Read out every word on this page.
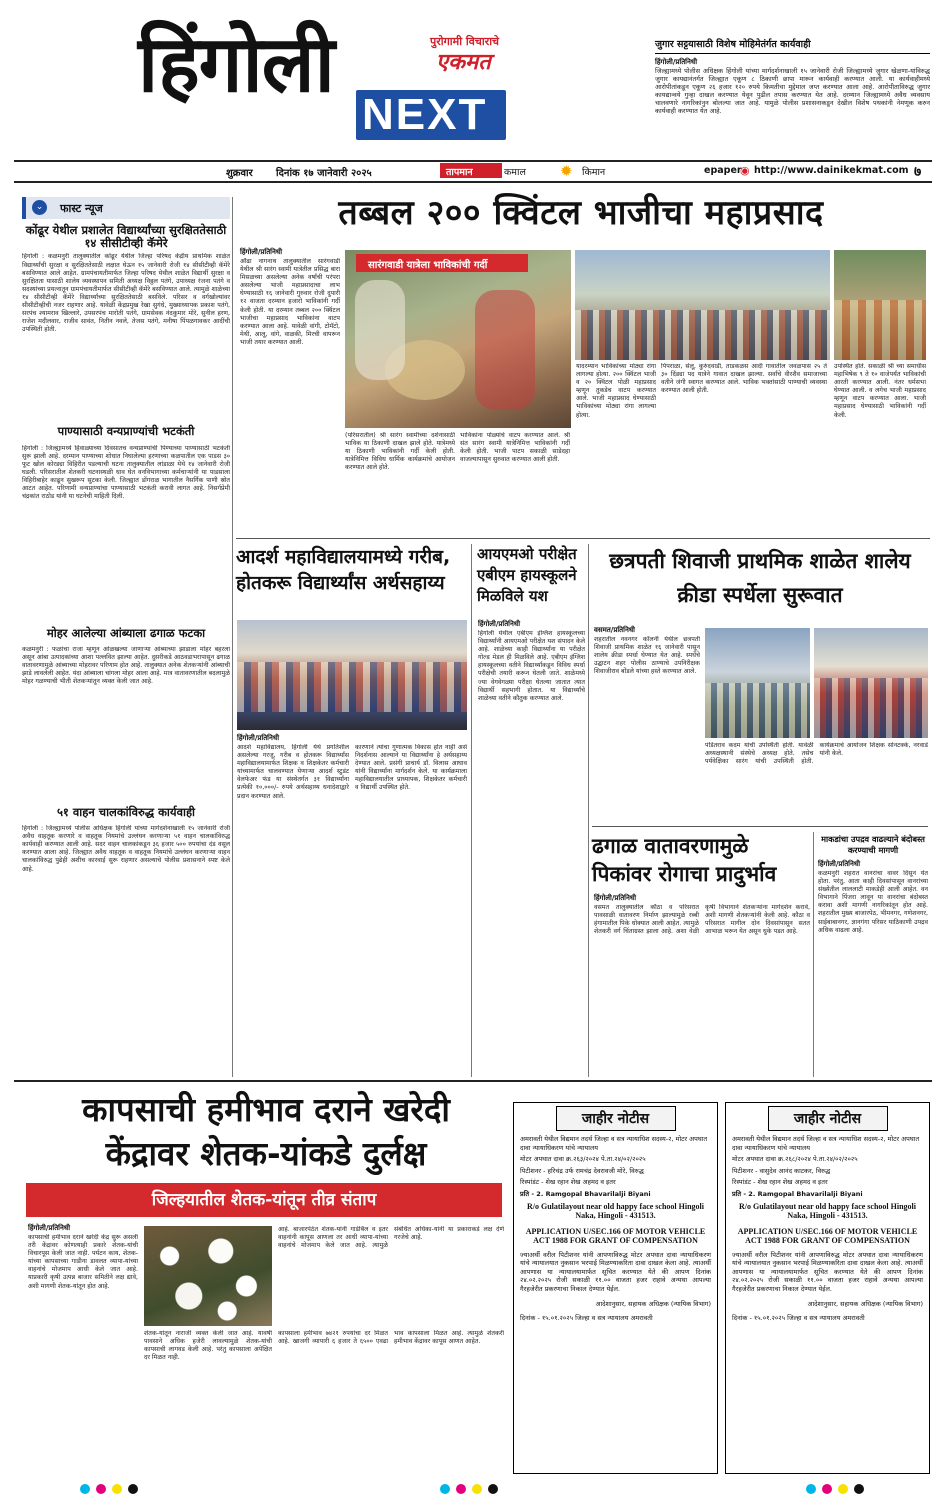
हिंगोली	पुरोगामी विचाराचे
एकमत
NEXT
जुगार सट्टयासाठी विशेष मोहिमेतंर्गत कार्यवाही
हिंगोली/प्रतिनिधी
जिल्ह्यामध्ये पोलीस अधिक्षक हिंगोली यांच्या मार्गदर्शनाखाली १५ जानेवारी रोजी जिल्ह्यामध्ये जुगार खेळणा-यांविरुद्ध जुगार कायद्यानंतर्गत जिल्ह्यात एकूण ८ ठिकाणी छापा मारून कार्यवाही करण्यात आली. या कार्यवाहीमध्ये आरोपीतांकडून एकूण २६ हजार १२० रुपये किमतीचा मुद्देमाल जप्त करण्यात आला आहे. आरोपीताविरुद्ध जुगार कायद्यान्वये गुन्हा दाखल करण्यात येवून पुढील तपास करण्यात येत आहे. दरम्यान जिल्ह्यामध्ये अवैध व्यवसाय चालवणारे नागरिकांनुन बोलल्या जात आहे. यामुळे पोलीस प्रशासनाकडून देखील विशेष पथकांनी नेमणूक करुन कार्यवाही करण्यात येत आहे.
शुक्रवार दिनांक १७ जानेवारी २०२५	तापमान	कमाल ✹ किमान	epaper
◉ http://www.dainikekmat.com ७
⌄	फास्ट न्यूज
कोंढूर येथील प्रशालेत विद्यार्थ्यांच्या सुरक्षिततेसाठी १४ सीसीटीव्ही कॅमेरे
हिंगोली : कळमनुरी तालुक्यातील कोंढूर येथील जिल्हा परिषद केंद्रीय प्राथमिक शाळेत विद्यार्थ्यांची सुरक्षा व सुरक्षिततेसाठी लक्षात घेऊन १५ जानेवारी रोजी १४ सीसीटीव्ही कॅमेरे बसविण्यात आले आहेत. ग्रामपंचायतीमार्फत जिल्हा परिषद येथील शाळेत विद्यार्थी सुरक्षा व सुरक्षितता यासाठी शालेय व्यवस्थापन समिती अध्यक्ष विठ्ठल पतंगे, उपाध्यक्ष रंजना पतंगे व सदस्यांच्या प्रयत्नातून ग्रामपंचायतीमार्फत सीसीटीव्ही कॅमेरे बसविण्यात आले. त्यामुळे शाळेच्या १४ सीसीटीव्ही कॅमेरे विद्यार्थ्यांच्या सुरक्षिततेसाठी बसविले. परिसर व वर्गखोल्यांवर सीसीटीव्हीची नजर राहणार आहे. यावेळी केंद्रप्रमुख रेखा सुगंधे, मुख्याध्यापक प्रकाश पतंगे, सरपंच श्यामराव खिल्लारे, उपसरपंच मारोती पतंगे, ग्रामसेवक नंदकुमार मोरे, सुनील हरण, राजेश मदीलवार, राजीव सावंत, नितीन नवले, तेजस पतंगे, मनीषा पिंपळगावकर आदींची उपस्थिती होती.
पाण्यासाठी वन्यप्राण्यांची भटकंती
हिंगोली : जिल्ह्यामध्ये हिवाळ्याच्या दिवसातच वन्यप्राण्यांची पिण्याच्या पाण्यासाठी भटकंती सुरू झाली आहे. दरम्यान पाण्याच्या शोधात निघालेल्या हरणाच्या कळपातील एक पाडस ३० फूट खोल कोरड्या विहिरीत पडल्याची घटना तालुक्यातील लांडाळा येथे १४ जानेवारी रोजी घडली. परिसरातील शेतकरी घटनास्थळी धाव घेत वनविभागाच्या कर्मचाऱ्यांनी या पाडसाला विहिरीबाहेर काढून सुखरूप सुटका केली. जिल्ह्यात डोंगराळ भागातील नैसर्गिक पाणी स्रोत आटत आहेत. परिणामी वन्यप्राण्यांचा पाण्यासाठी भटकंती करावी लागत आहे. निसर्गप्रेमी चंद्रकांत राठोड यांनी या घटनेची माहिती दिली.
मोहर आलेल्या आंब्याला ढगाळ फटका
कळमनुरी : फळांचा राजा म्हणून ओळखल्या जाणाऱ्या आंब्याच्या झाडाला मोहर बहरला असून आंबा उत्पादकांच्या आशा पल्लवित झाल्या आहेत. दुसरीकडे आठवडाभरापासून ढगाळ वातावरणामुळे आंब्याच्या मोहरावर परिणाम होत आहे. तालुक्यात अनेक शेतकऱ्यांनी आंब्याची झाडे लावलेली आहेत. यंदा आंब्याला चांगला मोहर आला आहे. मात्र वातावरणातील बदलामुळे मोहर गळण्याची भीती शेतकऱ्यांतून व्यक्त केली जात आहे.
५१ वाहन चालकांविरुद्ध कार्यवाही
हिंगोली : जिल्ह्यामध्ये पोलीस अधिक्षक हिंगोली यांच्या मार्गदर्शनाखाली १५ जानेवारी रोजी अवैध वाहतूक करणारे व वाहतूक नियमांचे उल्लंघन करणाऱ्या ५१ वाहन चालकांविरुद्ध कार्यवाही करण्यात आली आहे. सदर वाहन चालकांकडून ३६ हजार ५०० रुपयांचा दंड वसूल करण्यात आला आहे. जिल्ह्यात अवैध वाहतूक व वाहतूक नियमांचे उल्लंघन करणाऱ्या वाहन चालकांविरुद्ध पुढेही अशीच कारवाई सुरू राहणार असल्याचे पोलीस प्रशासनाने स्पष्ट केले आहे.
तब्बल २०० क्विंटल भाजीचा महाप्रसाद
हिंगोली/प्रतिनिधी
औंढा नागनाथ तालुक्यातील सारंगवाडी येथील श्री सारंग स्वामी यात्रेतील प्रसिद्ध बारा मिसळच्या असलेल्या अनेक वर्षांची परंपरा असलेल्या भाजी महाप्रसादाचा लाभ घेण्यासाठी १६ जानेवारी गुरुवार रोजी दुपारी १२ वाजता दरम्यान हजारो भाविकांनी गर्दी केली होती. या दरम्यान तब्बल २०० क्विंटल भाजीचा महाप्रसाद भाविकांना वाटप करण्यात आला आहे. यावेळी वांगी, टोमॅटो, मेथी, आलू, वांगे, वाळकी, मिरची वापरून भाजी तयार करण्यात आली.
सारंगवाडी यात्रेला भाविकांची गर्दी
(परिसरातील) श्री सारंग स्वामीच्या दर्शनासाठी भाविक या ठिकाणी दाखल झाले होते. यात्रेमध्ये या ठिकाणी भाविकांनी गर्दी केली होती. यात्रेनिमित्त विविध धार्मिक कार्यक्रमांचे आयोजन करण्यात आले होते.
भाविकांना पोळ्यांचे वाटप करण्यात आले. श्री संत सारंग स्वामी यात्रेनिमित्त भाविकांनी गर्दी केली होती. भाजी पाटप सकाळी साडेदहा वाजल्यापासून सुरुवात करण्यात आली होती.
यादरम्यान भाविकांच्या मोठ्या रांगा लागल्या होत्या. २०० क्विंटल भाजी व २० क्विंटल पोळी महाप्रसाद म्हणून तुकडेच वाटप करण्यात आले. भाजी महाप्रसाद घेण्यासाठी भाविकांच्या मोठ्या रांगा लागल्या होत्या.
पिंपराळा, सेलू, कुरुंदवाडी, ताडकळस आदी गावातील जवळपास २५ ते ३० दिंड्या पद यात्रेने गावात दाखल झाल्या. सर्वांचे वीरशैव समाजाच्या वतीने जंगी स्वागत करण्यात आले. भाविक भक्तांसाठी पाण्याची व्यवस्था करण्यात आली होती.
उपस्थित होते. सकाळी श्री च्या समाधीस महाभिषेक ९ ते १० वाजेपर्यंत भाविकांची आरती करण्यात आली. नंतर धर्मसभा घेण्यात आली. व लगेच भाजी महाप्रसाद म्हणून वाटप करण्यात आला. भाजी महाप्रसाद घेण्यासाठी भाविकांनी गर्दी केली.
आदर्श महाविद्यालयामध्ये गरीब, होतकरू विद्यार्थ्यांस अर्थसहाय्य
हिंगोली/प्रतिनिधी
आदर्श महाविद्यालय, हिंगोली येथे प्रगतिशील असलेल्या गरजू, गरीब व होतकरू विद्यार्थ्यांस महाविद्यालयामार्फत शिक्षक व शिक्षकेतर कर्मचारी यांच्यामार्फत चालवण्यात येणाऱ्या आदर्श स्टुडंट वेलफेअर फंड या संस्थेतर्गत ३१ विद्यार्थ्यांना प्रत्येकी १०,०००/- रुपये अर्थसहाय्य धनादेशाद्वारे प्रदान करण्यात आले.
कारणाने त्यांचा गुणात्मक विकास होत नाही असे निदर्शनास आल्याने या विद्यार्थ्यांना हे अर्थसहाय्य देण्यात आले. प्रसंगी प्राचार्य डॉ. विलास आघाव यांनी विद्यार्थ्यांना मार्गदर्शन केले. या कार्यक्रमाला महाविद्यालयातील प्राध्यापक, शिक्षकेतर कर्मचारी व विद्यार्थी उपस्थित होते.
आयएमओ परीक्षेत एबीएम हायस्कूलने मिळविले यश
हिंगोली/प्रतिनिधी
हिंगोली येथील एबीएम इंग्लिश हायस्कूलच्या विद्यार्थ्यांनी आयएमओ परीक्षेत यश संपादन केले आहे. शाळेच्या काही विद्यार्थ्यांना या परीक्षेत गोल्ड मेडल ही मिळविले आहे. एबीएम इंग्लिश हायस्कूलच्या वतीने विद्यार्थ्यांकडून विविध स्पर्धा परीक्षेची तयारी करून घेतली जाते. शाळेमध्ये ज्या वेगवेगळ्या परीक्षा घेतल्या जातात त्यात विद्यार्थी सहभागी होतात. या विद्यार्थ्यांचे शाळेच्या वतीने कौतुक करण्यात आले.
छत्रपती शिवाजी प्राथमिक शाळेत शालेय क्रीडा स्पर्धेला सुरूवात
वसमत/प्रतिनिधी
शहरातील नवनगर कॉलनी येथील छत्रपती शिवाजी प्राथमिक शाळेत १६ जानेवारी पासून शालेय क्रीडा स्पर्धा घेण्यात येत आहे. स्पर्धेचे उद्घाटन शहर पोलीस ठाण्याचे उपनिरीक्षक शिवाजीराव बोंडले यांच्या हस्ते करण्यात आले.
पंडितराव कदम यांची उपस्थिती होती. यावेळी अध्यक्षस्थानी संस्थेचे अध्यक्ष होते. तसेच पर्यवेक्षिका सारंग यांची उपस्थिती होती. कार्यक्रमाचे आयोजन शिक्षक सोनटक्के, नरवाडे यांनी केले.
ढगाळ वातावरणामुळे पिकांवर रोगाचा प्रादुर्भाव
हिंगोली/प्रतिनिधी
वसमत तालुक्यातील कौठा व परिसरात पावसाळी वातावरण निर्माण झाल्यामुळे रब्बी हंगामातील पिके धोक्यात आली आहेत. त्यामुळे शेतकरी वर्ग चिंताग्रस्त झाला आहे. अशा वेळी कृषी विभागाने शेतकऱ्यांना मार्गदर्शन करावे, अशी मागणी शेतकऱ्यांनी केली आहे. कौठा व परिसरात मागील दोन दिवसांपासून सतत आभाळ भरून येत असून धुके पडत आहे.
माकडांचा उपद्रव वाढल्याने बंदोबस्त करण्याची मागणी
हिंगोली/प्रतिनिधी
कळमनुरी शहरात वानरांचा वावर दिसून येत होता. परंतु, आता काही दिवसांपासून वानरांच्या संख्येतील लाललाटी माकडेही आली आहेत. वन विभागाने पिंजरा लावून या वानरांचा बंदोबस्त करावा अशी मागणी नागरिकांतून होत आहे. शहरातील मुख्य बाजारपेठ, भीमनगर, गणेशनगर, साईबाबानगर, ज्ञानगंगा परिसर याठिकाणी उपद्रव अधिक वाढला आहे.
कापसाची हमीभाव दराने खरेदी
केंद्रावर शेतक-यांकडे दुर्लक्ष
जिल्हयातील शेतक-यांतून तीव्र संताप
हिंगोली/प्रतिनिधी
कापसाची हमीभाव दराने खरेदी केंद्र सुरू असली तरी केंद्रावर कोणत्याही प्रकारे शेतक-यांची विचारपूस केली जात नाही. पर्यटन काय, शेतक-यांच्या कापसाच्या गाडीना डावलत व्यापा-यांच्या वाहनांचे मोजमाप आधी केले जात आहे. याप्रकारी कृषी उत्पन्न बाजार समितीने लक्ष द्यावे, अशी मागणी शेतक-यांतून होत आहे.
आहे. बाजारपेठेत शेतक-यांनी गाडीबैल व इतर वाहनांनी कापूस आणला तर आधी व्यापा-यांच्या वाहनांचे मोजमाप केले जात आहे. त्यामुळे संबंधित अधिका-यांनी या प्रकाराकडे लक्ष देणे गरजेचे आहे.
शेतक-यांतून नाराजी व्यक्त केली जात आहे. यावर्षी पावसाने अधिक हजेरी लावल्यामुळे शेतक-यांची कापसाची लागवड केली आहे. परंतु कापसाला अपेक्षित दर मिळत नाही.
कापसाला हमीभाव ७४२१ रुपयांचा दर मिळत आहे. खाजगी व्यापारी ६ हजार ते ६५०० एवढा भाव कापसाला मिळत आहे. त्यामुळे शेतकरी हमीभाव केंद्रावर कापूस आणत आहेत.
जाहीर नोटीस
अमरावती येथील विद्यमान तदर्थ जिल्हा व सत्र न्यायाधिश सदस्य-२, मोटर अपघात दावा न्यायाधिकरण यांचे न्यायालय
मोटर अपघात दावा क्र.२६३/२०२४ पे.ता.२४/०२/२०२५
पिटीशनर - हरिचंद्र उर्फ रामचंद्र देवरावजी मोरे, विरुद्ध
रिस्पांडंट - शेख रहान शेख अहमद व इतर
प्रति - 2. Ramgopal Bhavarilalji Biyani
R/o Gulatilayout near old happy face school Hingoli Naka, Hingoli - 431513.
APPLICATION U/SEC.166 OF MOTOR VEHICLE ACT 1988 FOR GRANT OF COMPENSATION
ज्याअर्थी वरील पिटीशनर यांनी आपणाविरुद्ध मोटर अपघात दावा न्यायाधिकरण यांचे न्यायालयात नुकसान भरपाई मिळण्याकरिता दावा दाखल केला आहे. त्याअर्थी आपणास या न्यायालयामार्फत सूचित करण्यात येते की आपण दिनांक २४.०२.२०२५ रोजी सकाळी ११.०० वाजता हजर राहावे अन्यथा आपल्या गैरहजेरीत प्रकरणाचा निकाल देण्यात येईल.
आदेशानुसार, सहायक अधिक्षक (न्यायिक विभाग)
दिनांक - १५.०१.२०२५ जिल्हा व सत्र न्यायालय अमरावती
जाहीर नोटीस
अमरावती येथील विद्यमान तदर्थ जिल्हा व सत्र न्यायाधिश सदस्य-२, मोटर अपघात दावा न्यायाधिकरण यांचे न्यायालय
मोटर अपघात दावा क्र.२६८/२०२४ पे.ता.२४/०२/२०२५
पिटीशनर - वासुदेव आनंद काटकर, विरुद्ध
रिस्पांडंट - शेख रहान शेख अहमद व इतर
प्रति - 2. Ramgopal Bhavarilalji Biyani
R/o Gulatilayout near old happy face school Hingoli Naka, Hingoli - 431513.
APPLICATION U/SEC.166 OF MOTOR VEHICLE ACT 1988 FOR GRANT OF COMPENSATION
ज्याअर्थी वरील पिटीशनर यांनी आपणाविरुद्ध मोटर अपघात दावा न्यायाधिकरण यांचे न्यायालयात नुकसान भरपाई मिळण्याकरिता दावा दाखल केला आहे. त्याअर्थी आपणास या न्यायालयामार्फत सूचित करण्यात येते की आपण दिनांक २४.०२.२०२५ रोजी सकाळी ११.०० वाजता हजर राहावे अन्यथा आपल्या गैरहजेरीत प्रकरणाचा निकाल देण्यात येईल.
आदेशानुसार, सहायक अधिक्षक (न्यायिक विभाग)
दिनांक - १५.०१.२०२५ जिल्हा व सत्र न्यायालय अमरावती
